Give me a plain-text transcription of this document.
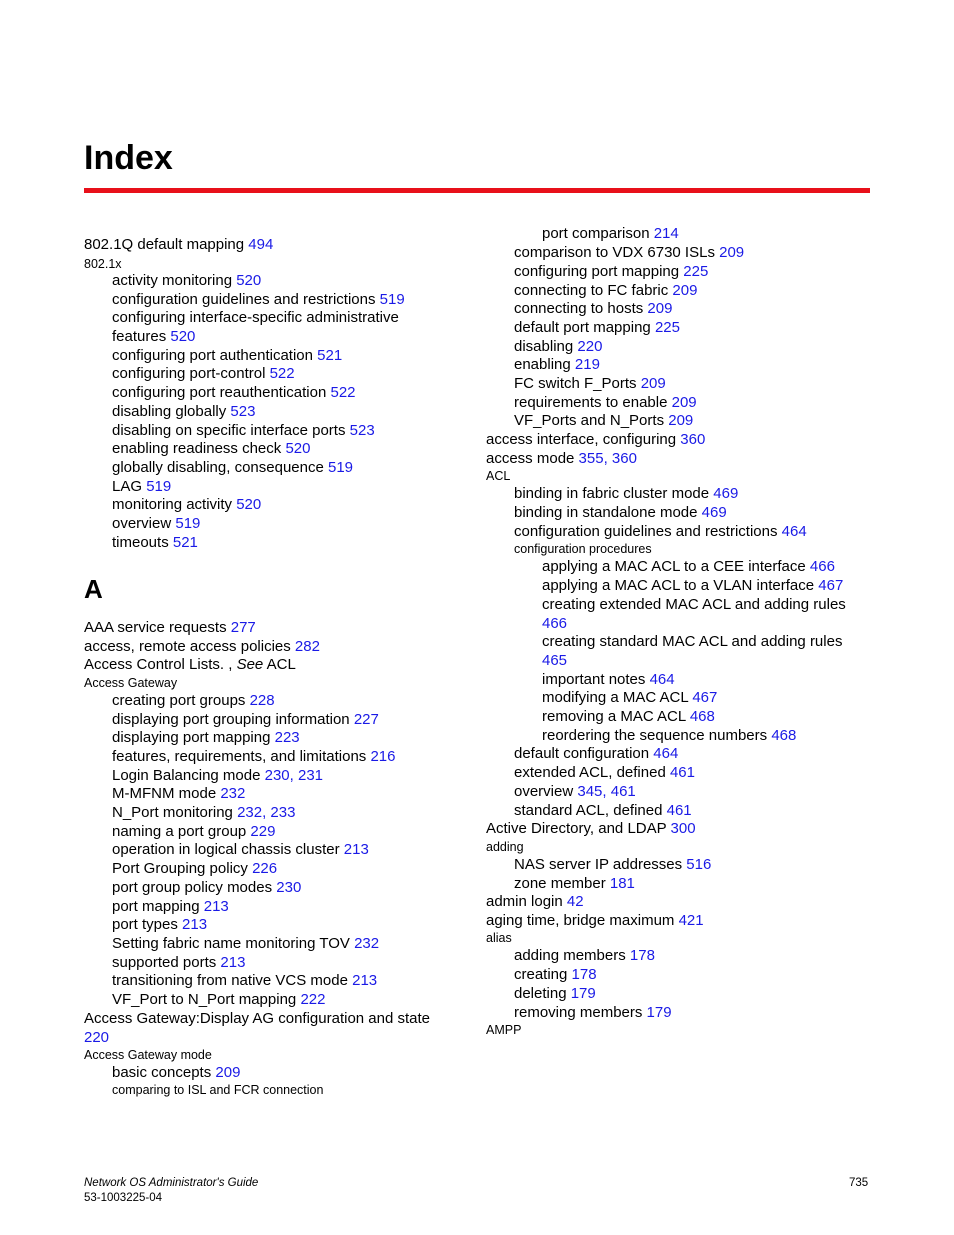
Index
802.1Q default mapping 494
802.1x
activity monitoring 520
configuration guidelines and restrictions 519
configuring interface-specific administrative
features 520
configuring port authentication 521
configuring port-control 522
configuring port reauthentication 522
disabling globally 523
disabling on specific interface ports 523
enabling readiness check 520
globally disabling, consequence 519
LAG 519
monitoring activity 520
overview 519
timeouts 521
A
AAA service requests 277
access, remote access policies 282
Access Control Lists. , See ACL
Access Gateway
creating port groups 228
displaying port grouping information 227
displaying port mapping 223
features, requirements, and limitations 216
Login Balancing mode 230, 231
M-MFNM mode 232
N_Port monitoring 232, 233
naming a port group 229
operation in logical chassis cluster 213
Port Grouping policy 226
port group policy modes 230
port mapping 213
port types 213
Setting fabric name monitoring TOV 232
supported ports 213
transitioning from native VCS mode 213
VF_Port to N_Port mapping 222
Access Gateway:Display AG configuration and state
220
Access Gateway mode
basic concepts 209
comparing to ISL and FCR connection
port comparison 214
comparison to VDX 6730 ISLs 209
configuring port mapping 225
connecting to FC fabric 209
connecting to hosts 209
default port mapping 225
disabling 220
enabling 219
FC switch F_Ports 209
requirements to enable 209
VF_Ports and N_Ports 209
access interface, configuring 360
access mode 355, 360
ACL
binding in fabric cluster mode 469
binding in standalone mode 469
configuration guidelines and restrictions 464
configuration procedures
applying a MAC ACL to a CEE interface 466
applying a MAC ACL to a VLAN interface 467
creating extended MAC ACL and adding rules
466
creating standard MAC ACL and adding rules
465
important notes 464
modifying a MAC ACL 467
removing a MAC ACL 468
reordering the sequence numbers 468
default configuration 464
extended ACL, defined 461
overview 345, 461
standard ACL, defined 461
Active Directory, and LDAP 300
adding
NAS server IP addresses 516
zone member 181
admin login 42
aging time, bridge maximum 421
alias
adding members 178
creating 178
deleting 179
removing members 179
AMPP
Network OS Administrator's Guide
53-1003225-04
735
